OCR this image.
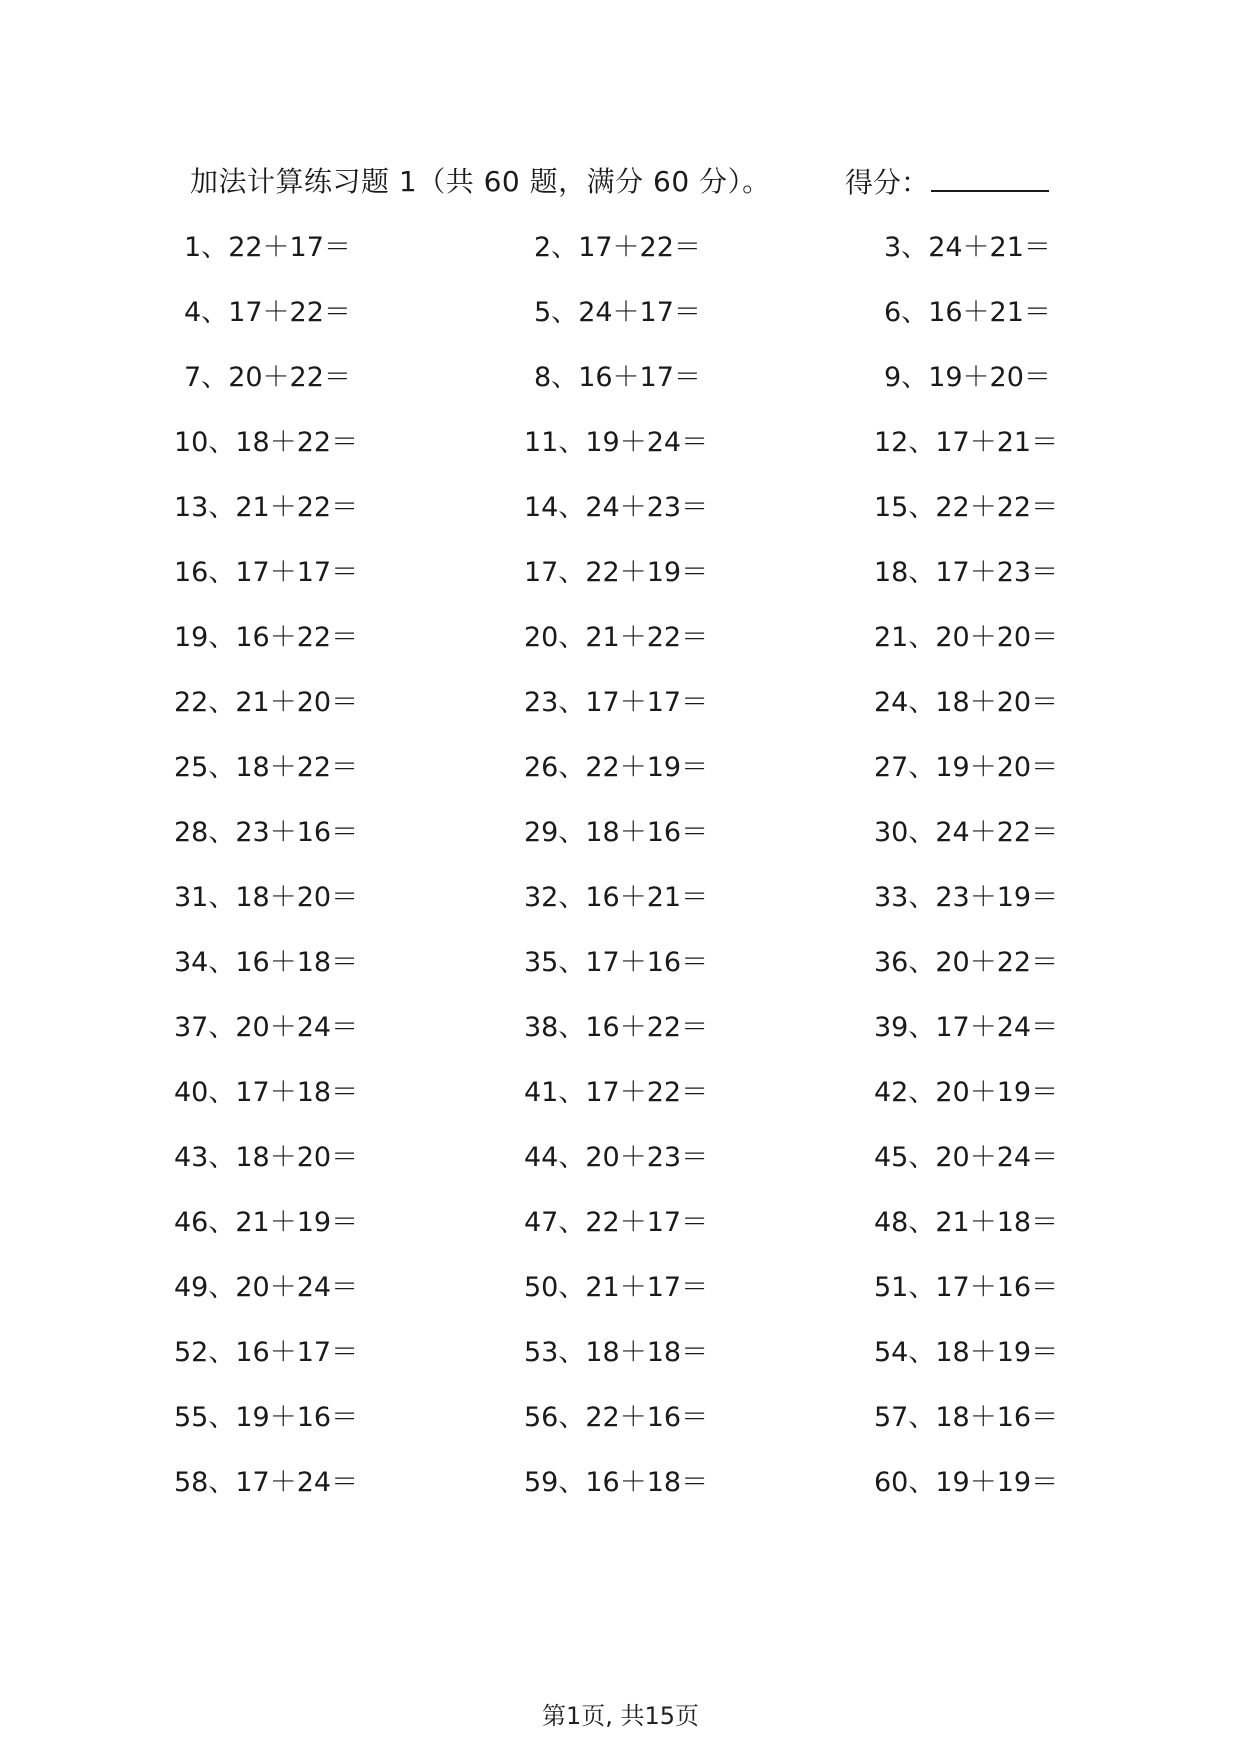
加法计算练习题 1（共 60 题，满分 60 分）。	得分：
1、22＋17＝	2、17＋22＝	3、24＋21＝
4、17＋22＝	5、24＋17＝	6、16＋21＝
7、20＋22＝	8、16＋17＝	9、19＋20＝
10、18＋22＝	11、19＋24＝	12、17＋21＝
13、21＋22＝	14、24＋23＝	15、22＋22＝
16、17＋17＝	17、22＋19＝	18、17＋23＝
19、16＋22＝	20、21＋22＝	21、20＋20＝
22、21＋20＝	23、17＋17＝	24、18＋20＝
25、18＋22＝	26、22＋19＝	27、19＋20＝
28、23＋16＝	29、18＋16＝	30、24＋22＝
31、18＋20＝	32、16＋21＝	33、23＋19＝
34、16＋18＝	35、17＋16＝	36、20＋22＝
37、20＋24＝	38、16＋22＝	39、17＋24＝
40、17＋18＝	41、17＋22＝	42、20＋19＝
43、18＋20＝	44、20＋23＝	45、20＋24＝
46、21＋19＝	47、22＋17＝	48、21＋18＝
49、20＋24＝	50、21＋17＝	51、17＋16＝
52、16＋17＝	53、18＋18＝	54、18＋19＝
55、19＋16＝	56、22＋16＝	57、18＋16＝
58、17＋24＝	59、16＋18＝	60、19＋19＝
第1页, 共15页
